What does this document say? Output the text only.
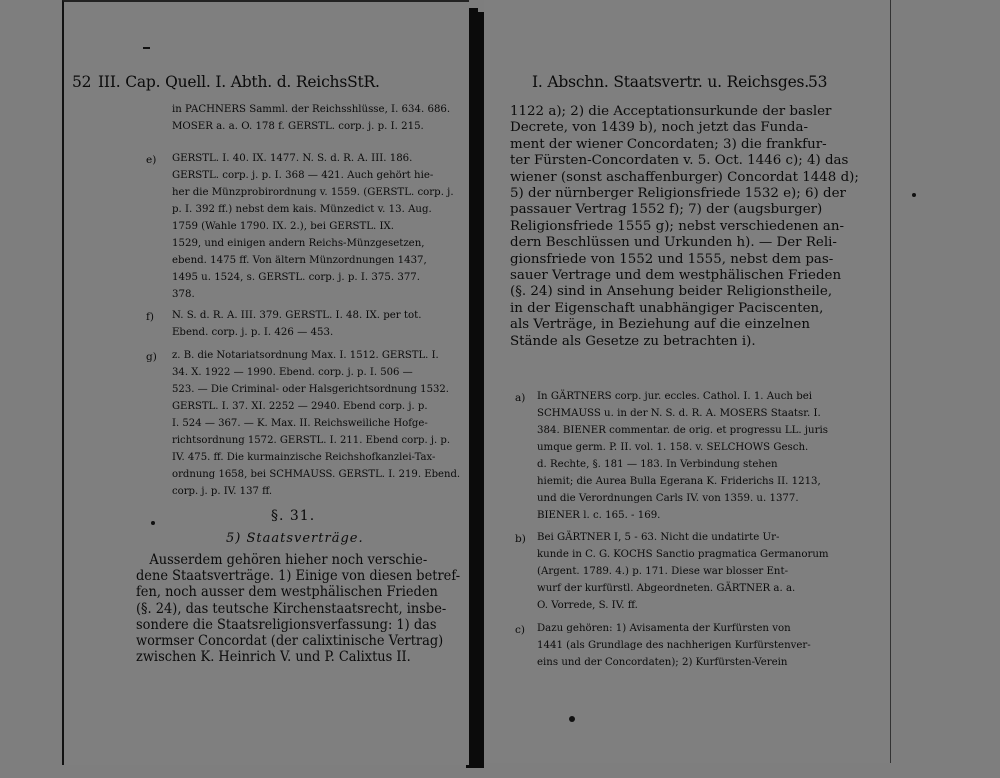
52 III. Cap. Quell. I. Abth. d. ReichsStR.
in PACHNERS Samml. der Reichsshlüsse, I. 634. 686.
MOSER a. a. O. 178 f. GERSTL. corp. j. p. I. 215.
e) GERSTL. I. 40. IX. 1477. N. S. d. R. A. III. 186.
GERSTL. corp. j. p. I. 368 — 421. Auch gehört hie-
her die Münzprobirordnung v. 1559. (GERSTL. corp. j.
p. I. 392 ff.) nebst dem kais. Münzedict v. 13. Aug.
1759 (Wahle 1790. IX. 2.), bei GERSTL. IX.
1529, und einigen andern Reichs-Münzgesetzen,
ebend. 1475 ff. Von ältern Münzordnungen 1437,
1495 u. 1524, s. GERSTL. corp. j. p. I. 375. 377.
378.
f) N. S. d. R. A. III. 379. GERSTL. I. 48. IX. per tot.
Ebend. corp. j. p. I. 426 — 453.
g) z. B. die Notariatsordnung Max. I. 1512. GERSTL. I.
34. X. 1922 — 1990. Ebend. corp. j. p. I. 506 —
523. — Die Criminal- oder Halsgerichtsordnung 1532.
GERSTL. I. 37. XI. 2252 — 2940. Ebend corp. j. p.
I. 524 — 367. — K. Max. II. Reichsweiliche Hofge-
richtsordnung 1572. GERSTL. I. 211. Ebend corp. j. p.
IV. 475. ff. Die kurmainzische Reichshofkanzlei-Tax-
ordnung 1658, bei SCHMAUSS. GERSTL. I. 219. Ebend.
corp. j. p. IV. 137 ff.
§. 31.
5) Staatsverträge.
Ausserdem gehören hieher noch verschie-
dene Staatsverträge. 1) Einige von diesen betref-
fen, noch ausser dem westphälischen Frieden
(§. 24), das teutsche Kirchenstaatsrecht, insbe-
sondere die Staatsreligionsverfassung: 1) das
wormser Concordat (der calixtinische Vertrag)
zwischen K. Heinrich V. und P. Calixtus II.
I. Abschn. Staatsvertr. u. Reichsges.
53
1122 a); 2) die Acceptationsurkunde der basler
Decrete, von 1439 b), noch jetzt das Funda-
ment der wiener Concordaten; 3) die frankfur-
ter Fürsten-Concordaten v. 5. Oct. 1446 c); 4) das
wiener (sonst aschaffenburger) Concordat 1448 d);
5) der nürnberger Religionsfriede 1532 e); 6) der
passauer Vertrag 1552 f); 7) der (augsburger)
Religionsfriede 1555 g); nebst verschiedenen an-
dern Beschlüssen und Urkunden h). — Der Reli-
gionsfriede von 1552 und 1555, nebst dem pas-
sauer Vertrage und dem westphälischen Frieden
(§. 24) sind in Ansehung beider Religionstheile,
in der Eigenschaft unabhängiger Paciscenten,
als Verträge, in Beziehung auf die einzelnen
Stände als Gesetze zu betrachten i).
a) In GÄRTNERS corp. jur. eccles. Cathol. I. 1. Auch bei
SCHMAUSS u. in der N. S. d. R. A. MOSERS Staatsr. I.
384. BIENER commentar. de orig. et progressu LL. juris
umque germ. P. II. vol. 1. 158. v. SELCHOWS Gesch.
d. Rechte, §. 181 — 183. In Verbindung stehen
hiemit; die Aurea Bulla Egerana K. Friderichs II. 1213,
und die Verordnungen Carls IV. von 1359. u. 1377.
BIENER l. c. 165. - 169.
b) Bei GÄRTNER I, 5 - 63. Nicht die undatirte Ur-
kunde in C. G. KOCHS Sanctio pragmatica Germanorum
(Argent. 1789. 4.) p. 171. Diese war blosser Ent-
wurf der kurfürstl. Abgeordneten. GÄRTNER a. a.
O. Vorrede, S. IV. ff.
c) Dazu gehören: 1) Avisamenta der Kurfürsten von
1441 (als Grundlage des nachherigen Kurfürstenver-
eins und der Concordaten); 2) Kurfürsten-Verein
